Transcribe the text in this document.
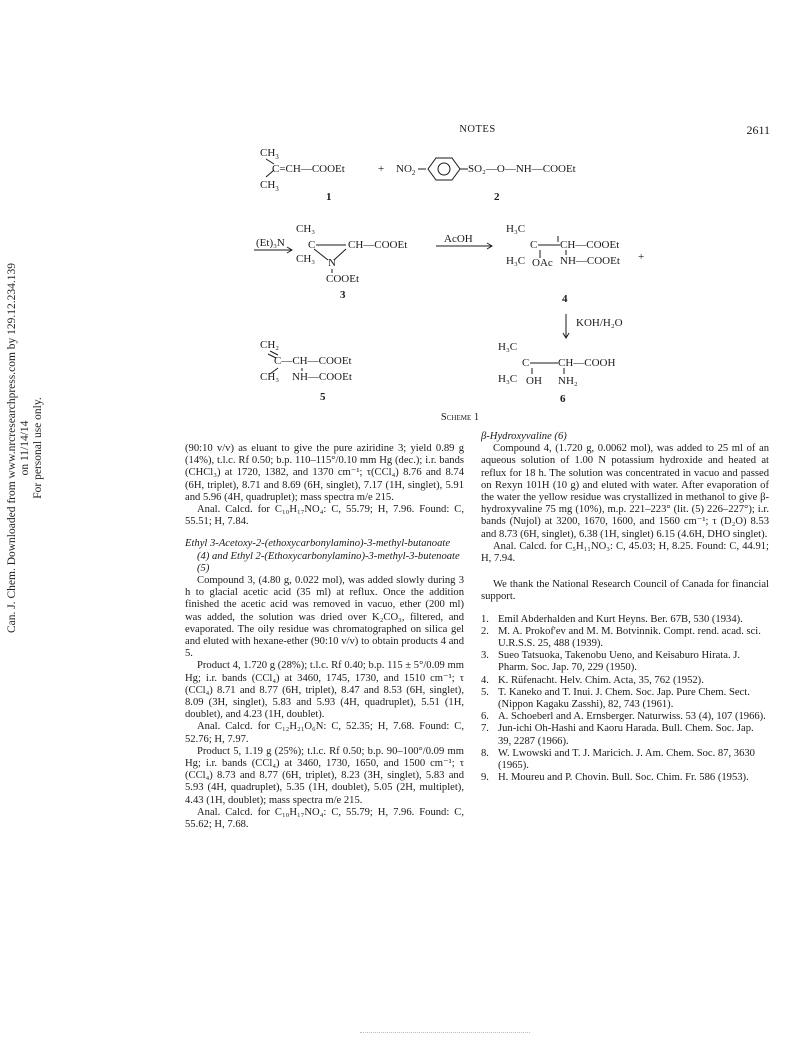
NOTES	2611
Can. J. Chem. Downloaded from www.nrcresearchpress.com by 129.12.234.139 on 11/14/14 For personal use only.
$CH_3$
C=CH—COOEt
$CH_3$
+ $NO_2$	SO₂—O—NH—COOEt
1	2
(Et)₃N
CH₃
C	CH—COOEt
CH₃ N
COOEt
3
AcOH
H₃C
C CH—COOEt
H₃C OAc NH—COOEt +
4
KOH/H₂O
CH₂
C—CH—COOEt
CH₃ NH—COOEt
5
H₃C
C	CH—COOH
H₃C OH NH₂
6
Scheme 1

(90:10 v/v) as eluant to give the pure aziridine 3; yield 0.89 g (14%), t.l.c. Rf 0.50; b.p. 110–115°/0.10 mm Hg (dec.); i.r. bands (CHCl₃) at 1720, 1382, and 1370 cm⁻¹; τ(CCl₄) 8.76 and 8.74 (6H, triplet), 8.71 and 8.69 (6H, singlet), 7.17 (1H, singlet), 5.91 and 5.96 (4H, quadruplet); mass spectra m/e 215.

Anal. Calcd. for C₁₀H₁₇NO₄: C, 55.79; H, 7.96. Found: C, 55.51; H, 7.84.

Ethyl 3-Acetoxy-2-(ethoxycarbonylamino)-3-methyl-butanoate (4) and Ethyl 2-(Ethoxycarbonylamino)-3-methyl-3-butenoate (5)

Compound 3, (4.80 g, 0.022 mol), was added slowly during 3 h to glacial acetic acid (35 ml) at reflux. Once the addition finished the acetic acid was removed in vacuo, ether (200 ml) was added, the solution was dried over K₂CO₃, filtered, and evaporated. The oily residue was chromatographed on silica gel and eluted with hexane-ether (90:10 v/v) to obtain products 4 and 5.

Product 4, 1.720 g (28%); t.l.c. Rf 0.40; b.p. 115 ± 5°/0.09 mm Hg; i.r. bands (CCl₄) at 3460, 1745, 1730, and 1510 cm⁻¹; τ (CCl₄) 8.71 and 8.77 (6H, triplet), 8.47 and 8.53 (6H, singlet), 8.09 (3H, singlet), 5.83 and 5.93 (4H, quadruplet), 5.51 (1H, doublet), and 4.23 (1H, doublet).

Anal. Calcd. for C₁₂H₂₁O₆N: C, 52.35; H, 7.68. Found: C, 52.76; H, 7.97.

Product 5, 1.19 g (25%); t.l.c. Rf 0.50; b.p. 90–100°/0.09 mm Hg; i.r. bands (CCl₄) at 3460, 1730, 1650, and 1500 cm⁻¹; τ (CCl₄) 8.73 and 8.77 (6H, triplet), 8.23 (3H, singlet), 5.83 and 5.93 (4H, quadruplet), 5.35 (1H, doublet), 5.05 (2H, multiplet), 4.43 (1H, doublet); mass spectra m/e 215.

Anal. Calcd. for C₁₀H₁₇NO₄: C, 55.79; H, 7.96. Found: C, 55.62; H, 7.68.

β-Hydroxyvaline (6)

Compound 4, (1.720 g, 0.0062 mol), was added to 25 ml of an aqueous solution of 1.00 N potassium hydroxide and heated at reflux for 18 h. The solution was concentrated in vacuo and passed on Rexyn 101H (10 g) and eluted with water. After evaporation of the water the yellow residue was crystallized in methanol to give β-hydroxyvaline 75 mg (10%), m.p. 221–223° (lit. (5) 226–227°); i.r. bands (Nujol) at 3200, 1670, 1600, and 1560 cm⁻¹; τ (D₂O) 8.53 and 8.73 (6H, singlet), 6.38 (1H, singlet) 6.15 (4.6H, DHO singlet).

Anal. Calcd. for C₅H₁₁NO₃: C, 45.03; H, 8.25. Found: C, 44.91; H, 7.94.

We thank the National Research Council of Canada for financial support.

1. Emil Abderhalden and Kurt Heyns. Ber. 67B, 530 (1934).
2. M. A. Prokof'ev and M. M. Botvinnik. Compt. rend. acad. sci. U.R.S.S. 25, 488 (1939).
3. Sueo Tatsuoka, Takenobu Ueno, and Keisaburo Hirata. J. Pharm. Soc. Jap. 70, 229 (1950).
4. K. Rüfenacht. Helv. Chim. Acta, 35, 762 (1952).
5. T. Kaneko and T. Inui. J. Chem. Soc. Jap. Pure Chem. Sect. (Nippon Kagaku Zasshi), 82, 743 (1961).
6. A. Schoeberl and A. Ernsberger. Naturwiss. 53 (4), 107 (1966).
7. Jun-ichi Oh-Hashi and Kaoru Harada. Bull. Chem. Soc. Jap. 39, 2287 (1966).
8. W. Lwowski and T. J. Maricich. J. Am. Chem. Soc. 87, 3630 (1965).
9. H. Moureu and P. Chovin. Bull. Soc. Chim. Fr. 586 (1953).
